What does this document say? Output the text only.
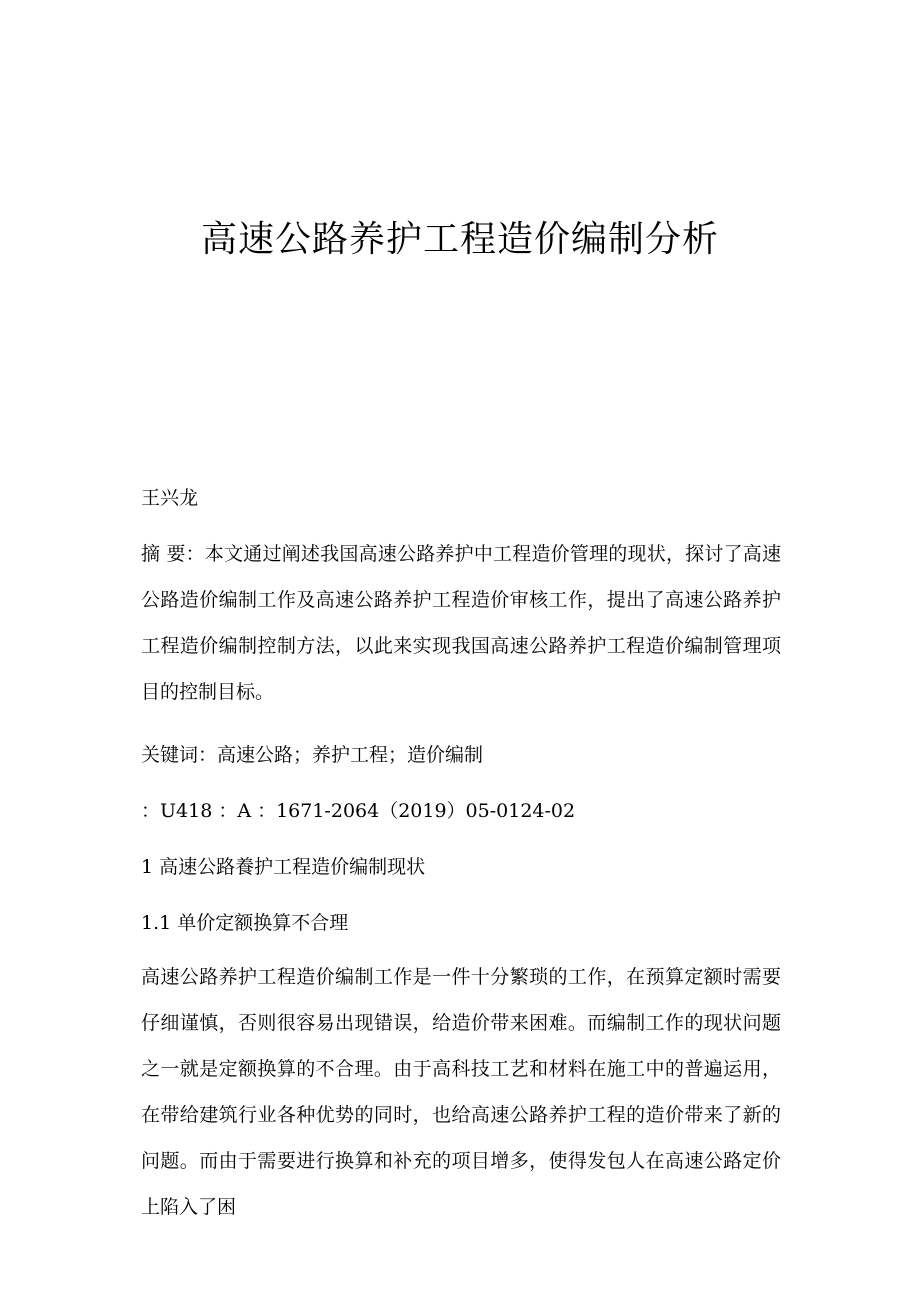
高速公路养护工程造价编制分析

王兴龙

摘 要：本文通过阐述我国高速公路养护中工程造价管理的现状，探讨了高速公路造价编制工作及高速公路养护工程造价审核工作，提出了高速公路养护工程造价编制控制方法，以此来实现我国高速公路养护工程造价编制管理项目的控制目标。

关键词：高速公路；养护工程；造价编制

：U418 ：A ：1671-2064（2019）05-0124-02

1 高速公路養护工程造价编制现状

1.1 单价定额换算不合理

高速公路养护工程造价编制工作是一件十分繁琐的工作，在预算定额时需要仔细谨慎，否则很容易出现错误，给造价带来困难。而编制工作的现状问题之一就是定额换算的不合理。由于高科技工艺和材料在施工中的普遍运用，在带给建筑行业各种优势的同时，也给高速公路养护工程的造价带来了新的问题。而由于需要进行换算和补充的项目增多，使得发包人在高速公路定价上陷入了困
